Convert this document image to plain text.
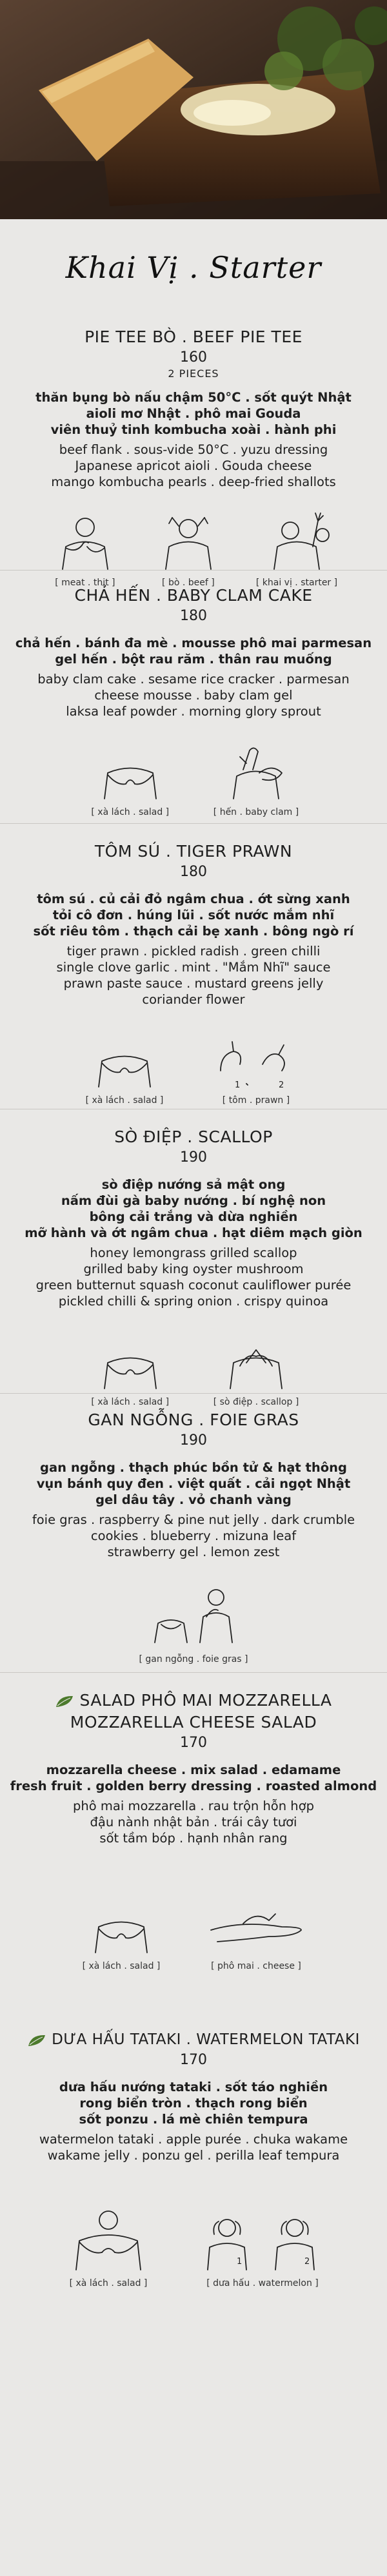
Khai Vị . Starter
PIE TEE BÒ . BEEF PIE TEE
160
2 PIECES
thăn bụng bò nấu chậm 50°C . sốt quýt Nhật
aioli mơ Nhật . phô mai Gouda
viên thuỷ tinh kombucha xoài . hành phi
beef flank . sous-vide 50°C . yuzu dressing
Japanese apricot aioli . Gouda cheese
mango kombucha pearls . deep-fried shallots
[ meat . thịt ]	[ bò . beef ]	[ khai vị . starter ]
CHẢ HẾN . BABY CLAM CAKE
180
chả hến . bánh đa mè . mousse phô mai parmesan
gel hến . bột rau răm . thân rau muống
baby clam cake . sesame rice cracker . parmesan
cheese mousse . baby clam gel
laksa leaf powder . morning glory sprout
[ xà lách . salad ]	[ hến . baby clam ]
TÔM SÚ . TIGER PRAWN
180
tôm sú . củ cải đỏ ngâm chua . ớt sừng xanh
tỏi cô đơn . húng lũi . sốt nước mắm nhĩ
sốt riêu tôm . thạch cải bẹ xanh . bông ngò rí
tiger prawn . pickled radish . green chilli
single clove garlic . mint . "Mắm Nhĩ" sauce
prawn paste sauce . mustard greens jelly
coriander flower
[ xà lách . salad ]
1	2
[ tôm . prawn ]
SÒ ĐIỆP . SCALLOP
190
sò điệp nướng sả mật ong
nấm đùi gà baby nướng . bí nghệ non
bông cải trắng và dừa nghiền
mỡ hành và ớt ngâm chua . hạt diêm mạch giòn
honey lemongrass grilled scallop
grilled baby king oyster mushroom
green butternut squash coconut cauliflower purée
pickled chilli & spring onion . crispy quinoa
[ xà lách . salad ]	[ sò điệp . scallop ]
GAN NGỖNG . FOIE GRAS
190
gan ngỗng . thạch phúc bồn tử & hạt thông
vụn bánh quy đen . việt quất . cải ngọt Nhật
gel dâu tây . vỏ chanh vàng
foie gras . raspberry & pine nut jelly . dark crumble
cookies . blueberry . mizuna leaf
strawberry gel . lemon zest
[ gan ngỗng . foie gras ]
SALAD PHÔ MAI MOZZARELLA
MOZZARELLA CHEESE SALAD
170
mozzarella cheese . mix salad . edamame
fresh fruit . golden berry dressing . roasted almond
phô mai mozzarella . rau trộn hỗn hợp
đậu nành nhật bản . trái cây tươi
sốt tầm bóp . hạnh nhân rang
[ xà lách . salad ]	[ phô mai . cheese ]
DƯA HẤU TATAKI . WATERMELON TATAKI
170
dưa hấu nướng tataki . sốt táo nghiền
rong biển tròn . thạch rong biển
sốt ponzu . lá mè chiên tempura
watermelon tataki . apple purée . chuka wakame
wakame jelly . ponzu gel . perilla leaf tempura
[ xà lách . salad ]
1	2
[ dưa hấu . watermelon ]
